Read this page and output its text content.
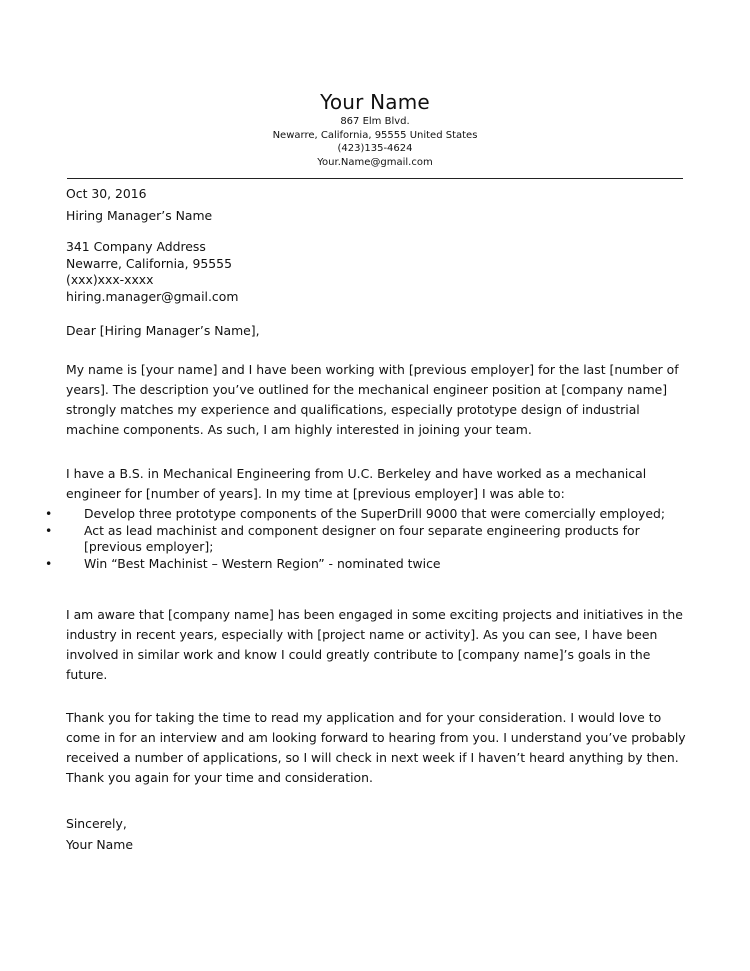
Your Name
867 Elm Blvd.
Newarre, California, 95555 United States
(423)135-4624
Your.Name@gmail.com

Oct 30, 2016

Hiring Manager’s Name

341 Company Address

Newarre, California, 95555

(xxx)xxx-xxxx

hiring.manager@gmail.com

Dear [Hiring Manager’s Name],

My name is [your name] and I have been working with [previous employer] for the last [number of years]. The description you’ve outlined for the mechanical engineer position at [company name] strongly matches my experience and qualifications, especially prototype design of industrial machine components. As such, I am highly interested in joining your team.

I have a B.S. in Mechanical Engineering from U.C. Berkeley and have worked as a mechanical engineer for [number of years]. In my time at [previous employer] I was able to:

•	Develop three prototype components of the SuperDrill 9000 that were comercially employed;
•	Act as lead machinist and component designer on four separate engineering products for [previous employer];
•	Win “Best Machinist – Western Region” - nominated twice

I am aware that [company name] has been engaged in some exciting projects and initiatives in the industry in recent years, especially with [project name or activity]. As you can see, I have been involved in similar work and know I could greatly contribute to [company name]’s goals in the future.

Thank you for taking the time to read my application and for your consideration. I would love to come in for an interview and am looking forward to hearing from you. I understand you’ve probably received a number of applications, so I will check in next week if I haven’t heard anything by then. Thank you again for your time and consideration.

Sincerely,

Your Name
